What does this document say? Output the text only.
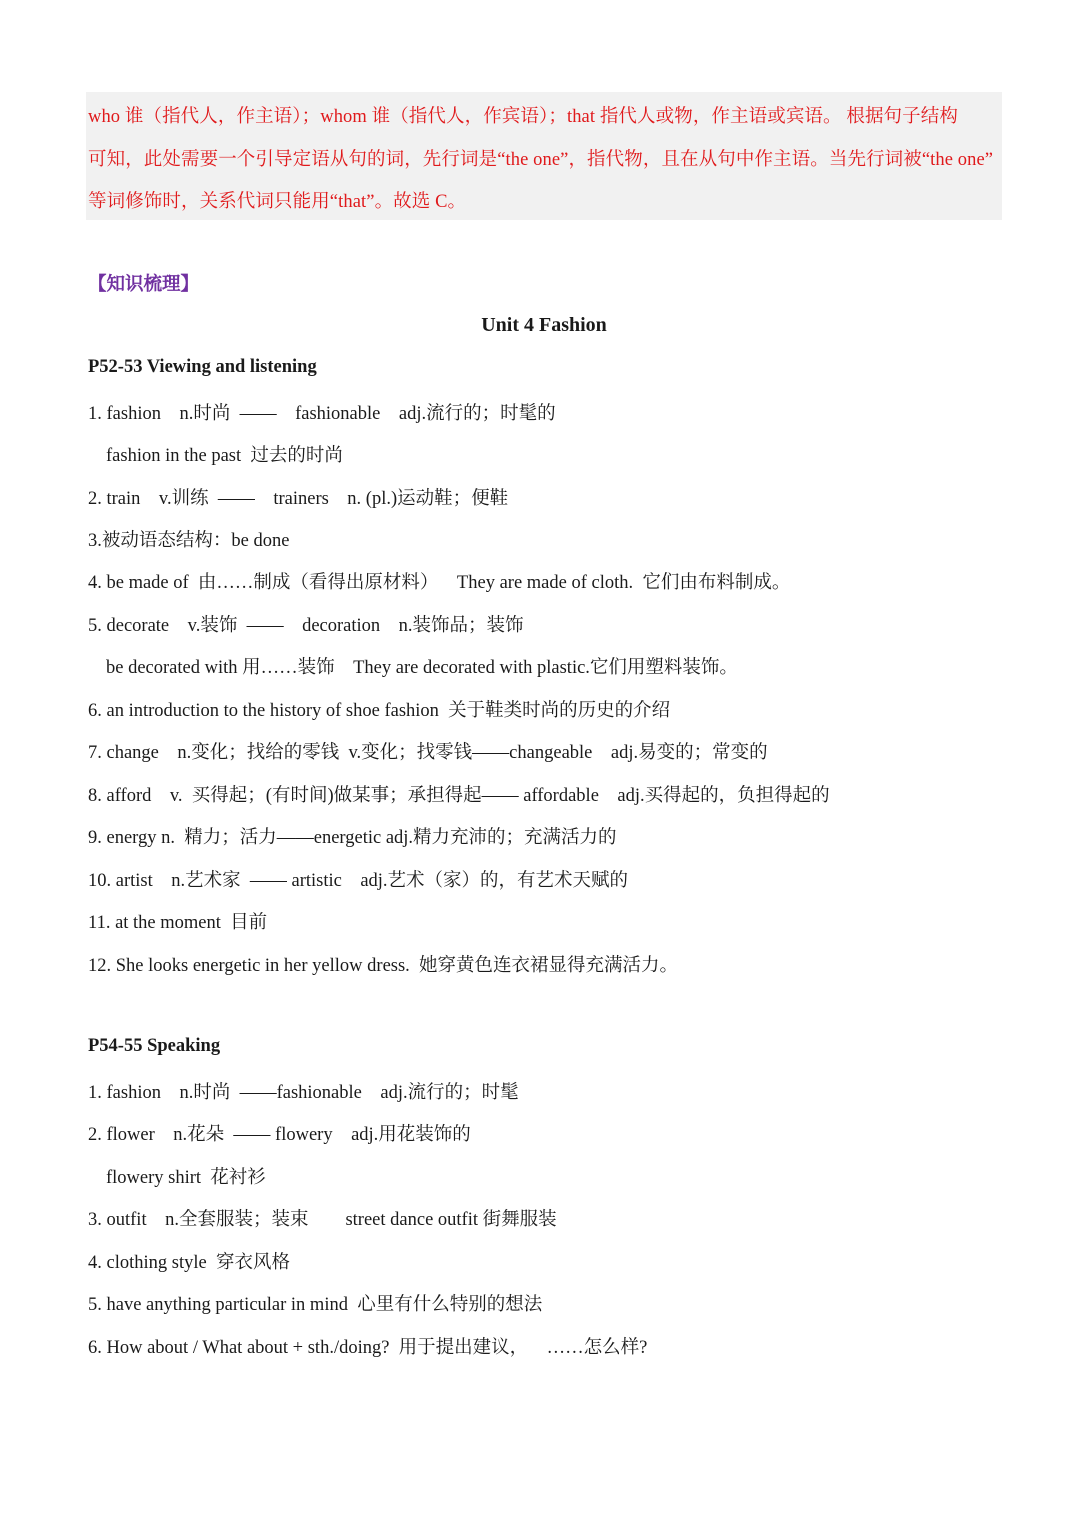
who 谁（指代人，作主语）；whom 谁（指代人，作宾语）；that 指代人或物，作主语或宾语。 根据句子结构
可知，此处需要一个引导定语从句的词，先行词是“the one”，指代物，且在从句中作主语。当先行词被“the one”
等词修饰时，关系代词只能用“that”。故选 C。
【知识梳理】
Unit 4 Fashion
P52-53 Viewing and listening
1. fashion    n.时尚  ——    fashionable    adj.流行的；时髦的
fashion in the past  过去的时尚
2. train    v.训练  ——    trainers    n. (pl.)运动鞋；便鞋
3.被动语态结构：be done
4. be made of  由……制成（看得出原材料）    They are made of cloth.  它们由布料制成。
5. decorate    v.装饰  ——    decoration    n.装饰品；装饰
be decorated with 用……装饰    They are decorated with plastic.它们用塑料装饰。
6. an introduction to the history of shoe fashion  关于鞋类时尚的历史的介绍
7. change    n.变化；找给的零钱  v.变化；找零钱——changeable    adj.易变的；常变的
8. afford    v.  买得起；(有时间)做某事；承担得起—— affordable    adj.买得起的，负担得起的
9. energy n.  精力；活力——energetic adj.精力充沛的；充满活力的
10. artist    n.艺术家  —— artistic    adj.艺术（家）的，有艺术天赋的
11. at the moment  目前
12. She looks energetic in her yellow dress.  她穿黄色连衣裙显得充满活力。
P54-55 Speaking
1. fashion    n.时尚  ——fashionable    adj.流行的；时髦
2. flower    n.花朵  —— flowery    adj.用花装饰的
flowery shirt  花衬衫
3. outfit    n.全套服装；装束        street dance outfit 街舞服装
4. clothing style  穿衣风格
5. have anything particular in mind  心里有什么特别的想法
6. How about / What about + sth./doing?  用于提出建议，    ……怎么样?
